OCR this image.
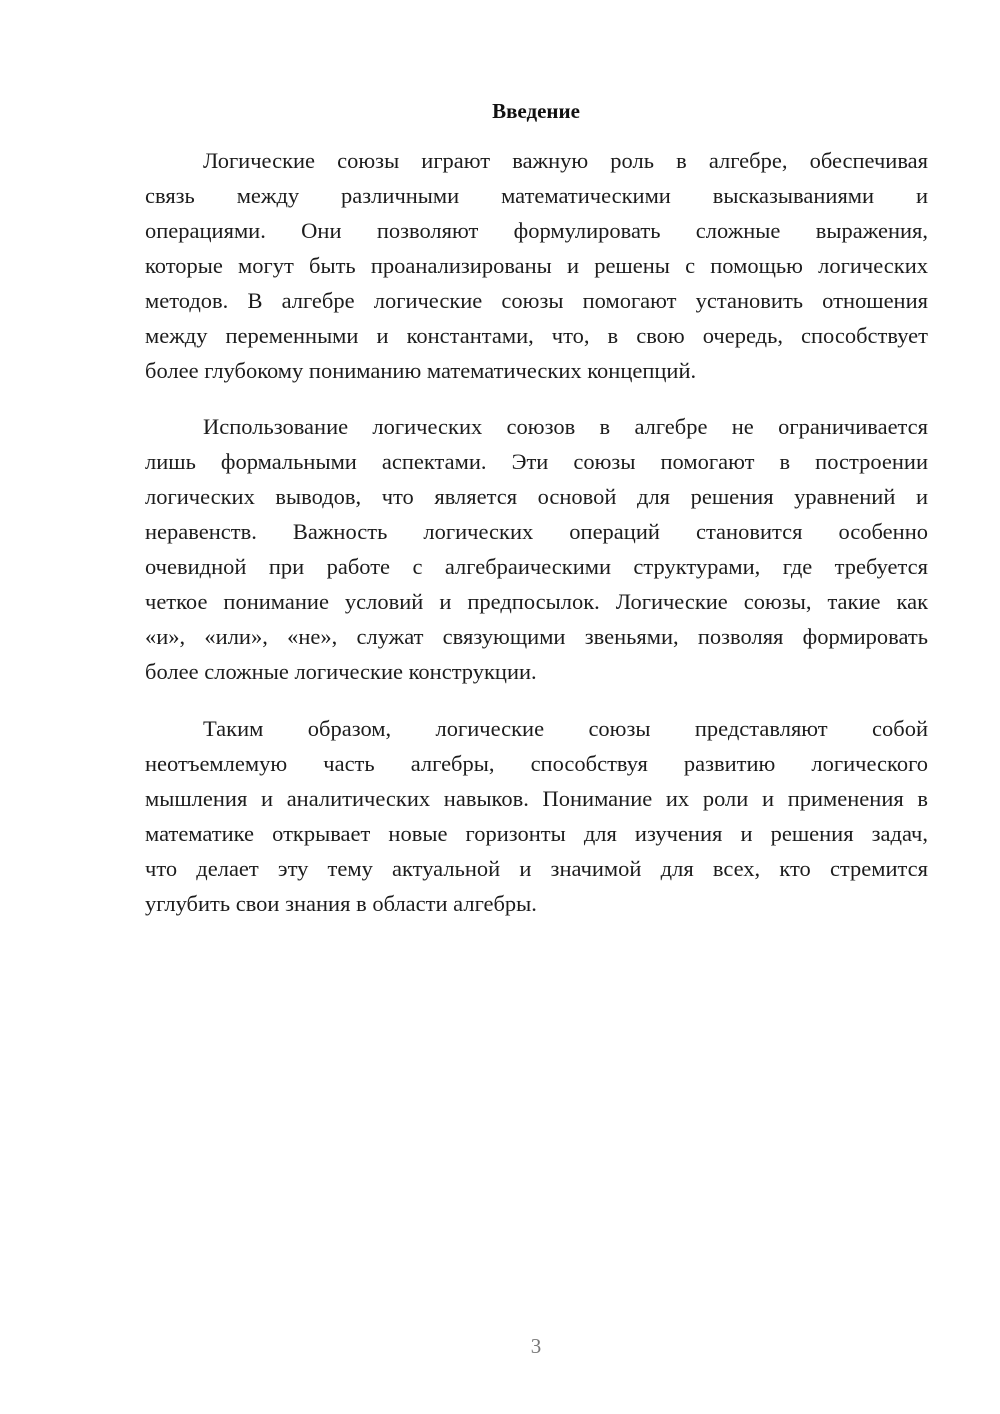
Введение
Логические союзы играют важную роль в алгебре, обеспечивая
связь между различными математическими высказываниями и
операциями. Они позволяют формулировать сложные выражения,
которые могут быть проанализированы и решены с помощью логических
методов. В алгебре логические союзы помогают установить отношения
между переменными и константами, что, в свою очередь, способствует
более глубокому пониманию математических концепций.
Использование логических союзов в алгебре не ограничивается
лишь формальными аспектами. Эти союзы помогают в построении
логических выводов, что является основой для решения уравнений и
неравенств. Важность логических операций становится особенно
очевидной при работе с алгебраическими структурами, где требуется
четкое понимание условий и предпосылок. Логические союзы, такие как
«и», «или», «не», служат связующими звеньями, позволяя формировать
более сложные логические конструкции.
Таким образом, логические союзы представляют собой
неотъемлемую часть алгебры, способствуя развитию логического
мышления и аналитических навыков. Понимание их роли и применения в
математике открывает новые горизонты для изучения и решения задач,
что делает эту тему актуальной и значимой для всех, кто стремится
углубить свои знания в области алгебры.
3
